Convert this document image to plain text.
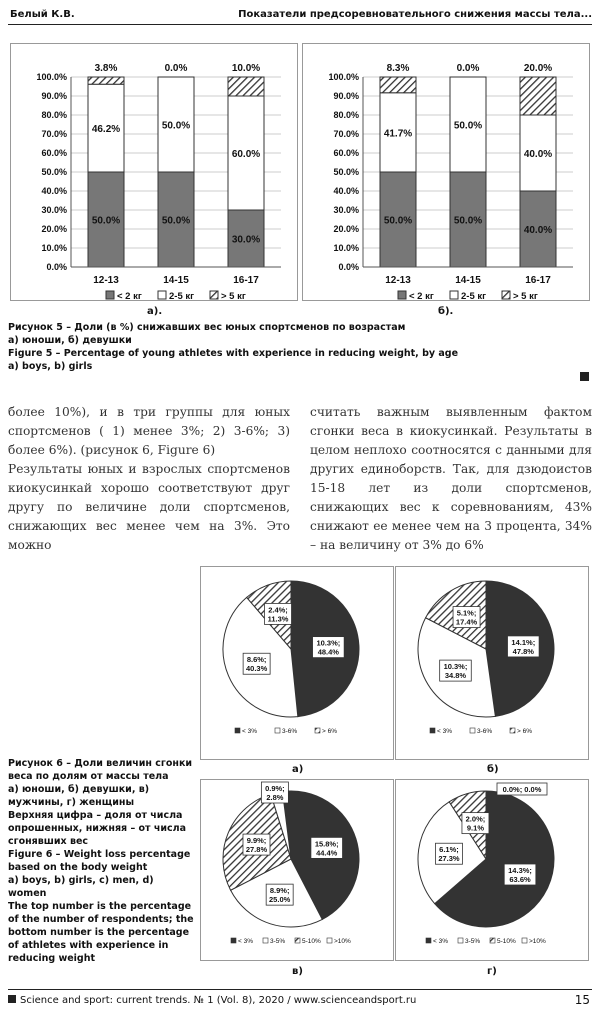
Белый К.В.	Показатели предсоревновательного снижения массы тела...
0.0%
10.0%
20.0%
30.0%
40.0%
50.0%
60.0%
70.0%
80.0%
90.0%
100.0%
50.0%
46.2%
3.8%
12-13
50.0%
50.0%
0.0%
14-15
30.0%
60.0%
10.0%
16-17
< 2 кг	2-5 кг	> 5 кг
0.0%
10.0%
20.0%
30.0%
40.0%
50.0%
60.0%
70.0%
80.0%
90.0%
100.0%
50.0%
41.7%
8.3%
12-13
50.0%
50.0%
0.0%
14-15
40.0%
40.0%
20.0%
16-17
< 2 кг	2-5 кг	> 5 кг
а).	б).
Рисунок 5 – Доли (в %) снижавших вес юных спортсменов по возрастам
а) юноши, б) девушки
Figure 5 – Percentage of young athletes with experience in reducing weight, by age
a) boys, b) girls

более 10%), и в три группы для юных спортсменов ( 1) менее 3%; 2) 3-6%; 3) более 6%). (рисунок 6, Figure 6)

Результаты юных и взрослых спортсменов киокусинкай хорошо соответствуют друг другу по величине доли спортсменов, снижающих вес менее чем на 3%. Это можно

считать важным выявленным фактом сгонки веса в киокусинкай. Результаты в целом неплохо соотносятся с данными для других единоборств. Так, для дзюдоистов 15-18 лет из доли спортсменов, снижающих вес к соревнованиям, 43% снижают ее менее чем на 3 процента, 34% – на величину от 3% до 6%

10.3%;
48.4%
8.6%;
40.3%
2.4%;
11.3%
< 3%	3-6%	> 6%
14.1%;
47.8%
10.3%;
34.8%
5.1%;
17.4%
< 3%	3-6%	> 6%
а)	б)
15.8%;
44.4%
8.9%;
25.0%
9.9%;
27.8%
0.9%;
2.8%
< 3%	3-5%	5-10% >10%
14.3%;
63.6%
6.1%;
27.3%
2.0%;
9.1%
0.0%; 0.0%
< 3%	3-5%	5-10% >10%
в)	г)
Рисунок 6 – Доли величин сгонки веса по долям от массы тела
а) юноши, б) девушки, в) мужчины, г) женщины
Верхняя цифра – доля от числа опрошенных, нижняя – от числа сгонявших вес
Figure 6 – Weight loss percentage based on the body weight
a) boys, b) girls, c) men, d) women
The top number is the percentage of the number of respondents; the bottom number is the percentage of athletes with experience in reducing weight
Science and sport: current trends. № 1 (Vol. 8), 2020 / www.scienceandsport.ru	15
